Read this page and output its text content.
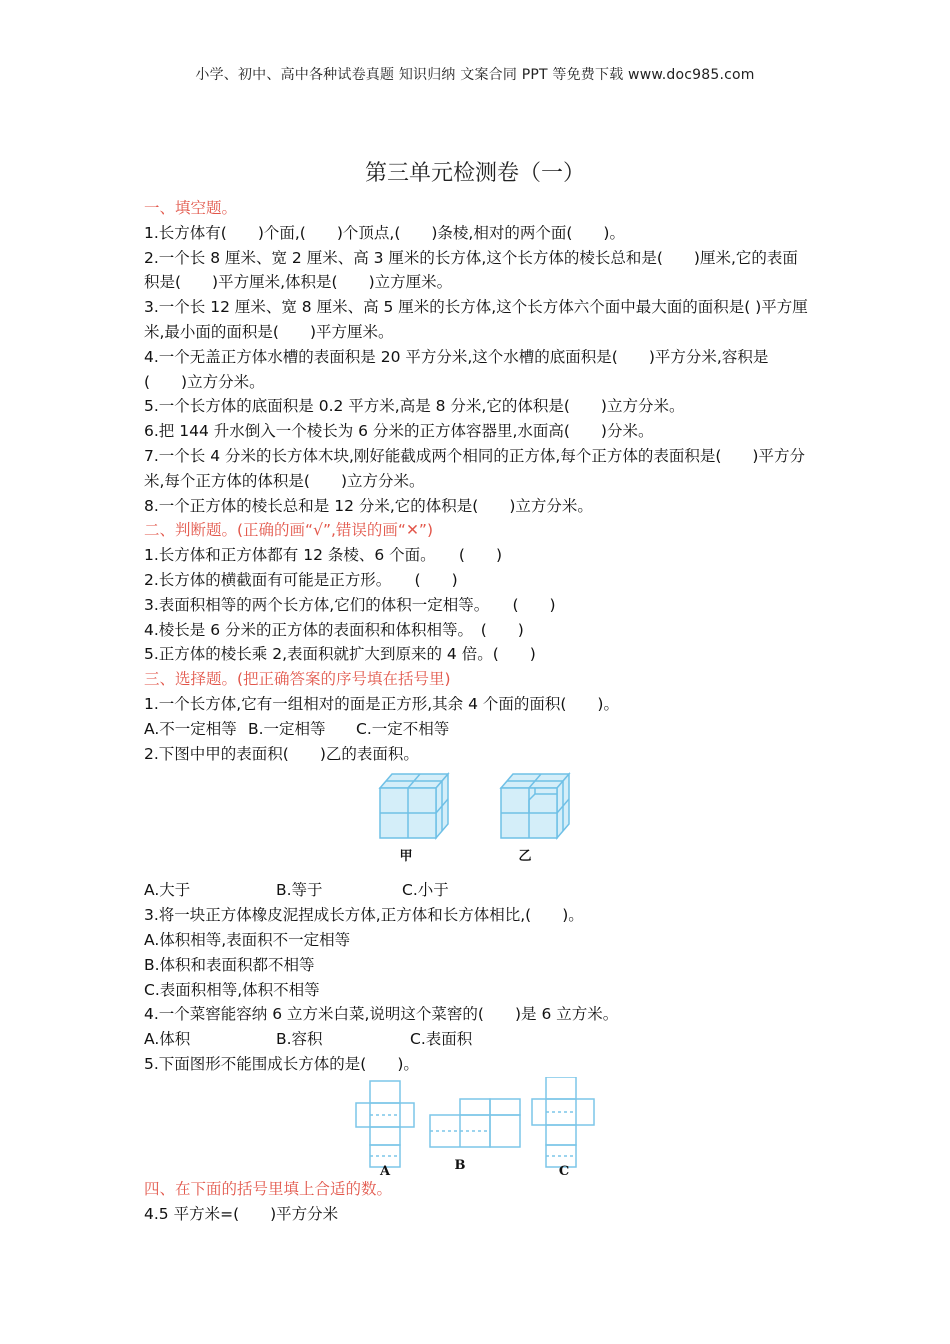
小学、初中、高中各种试卷真题 知识归纳 文案合同 PPT 等免费下载 www.doc985.com
第三单元检测卷（一）
一、填空题。
1.长方体有(　　)个面,(　　)个顶点,(　　)条棱,相对的两个面(　　)。
2.一个长 8 厘米、宽 2 厘米、高 3 厘米的长方体,这个长方体的棱长总和是(　　)厘米,它的表面积是(　　)平方厘米,体积是(　　)立方厘米。
3.一个长 12 厘米、宽 8 厘米、高 5 厘米的长方体,这个长方体六个面中最大面的面积是( )平方厘米,最小面的面积是(　　)平方厘米。
4.一个无盖正方体水槽的表面积是 20 平方分米,这个水槽的底面积是(　　)平方分米,容积是(　　)立方分米。
5.一个长方体的底面积是 0.2 平方米,高是 8 分米,它的体积是(　　)立方分米。
6.把 144 升水倒入一个棱长为 6 分米的正方体容器里,水面高(　　)分米。
7.一个长 4 分米的长方体木块,刚好能截成两个相同的正方体,每个正方体的表面积是(　　)平方分米,每个正方体的体积是(　　)立方分米。
8.一个正方体的棱长总和是 12 分米,它的体积是(　　)立方分米。
二、判断题。(正确的画“√”,错误的画“✕”)
1.长方体和正方体都有 12 条棱、6 个面。　　(　　)
2.长方体的横截面有可能是正方形。　　(　　)
3.表面积相等的两个长方体,它们的体积一定相等。　　(　　)
4.棱长是 6 分米的正方体的表面积和体积相等。　(　　)
5.正方体的棱长乘 2,表面积就扩大到原来的 4 倍。(　　)
三、选择题。(把正确答案的序号填在括号里)
1.一个长方体,它有一组相对的面是正方形,其余 4 个面的面积(　　)。
A.不一定相等 B.一定相等 C.一定不相等
2.下图中甲的表面积(　　)乙的表面积。
甲	乙
A.大于	B.等于	C.小于
3.将一块正方体橡皮泥捏成长方体,正方体和长方体相比,(　　)。
A.体积相等,表面积不一定相等
B.体积和表面积都不相等
C.表面积相等,体积不相等
4.一个菜窖能容纳 6 立方米白菜,说明这个菜窖的(　　)是 6 立方米。
A.体积	B.容积	C.表面积
5.下面图形不能围成长方体的是(　　)。
A	B	C
四、在下面的括号里填上合适的数。
4.5 平方米=(　　)平方分米
